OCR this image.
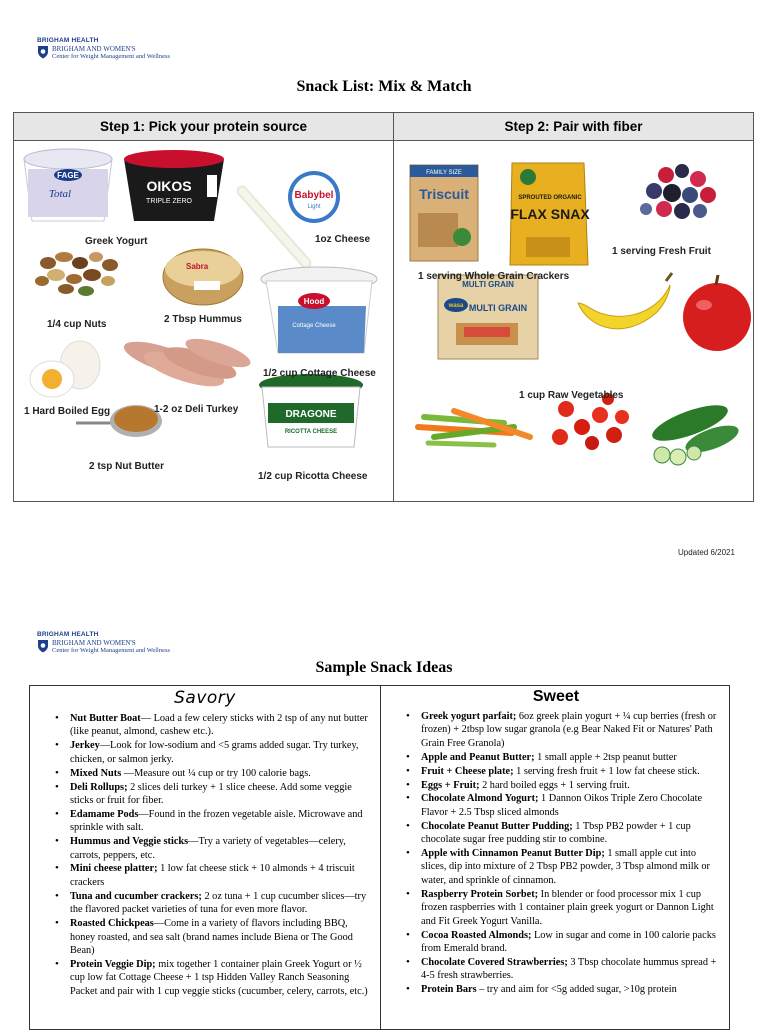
BRIGHAM HEALTH
BRIGHAM AND WOMEN'S
Center for Weight Management and Wellness
Snack List: Mix & Match
Step 1: Pick your protein source	Step 2: Pair with fiber
FAGE
Total	OIKOS
TRIPLE ZERO
Babybel
Light
Sabra
Hood
Cottage Cheese
DRAGONE
RICOTTA CHEESE
Greek Yogurt	1oz Cheese
1/4 cup Nuts	2 Tbsp Hummus
1/2 cup Cottage Cheese
1 Hard Boiled Egg	1-2 oz Deli Turkey
2 tsp Nut Butter
1/2 cup Ricotta Cheese
FAMILY SIZE
Triscuit	SPROUTED ORGANIC
FLAX SNAX
MULTI GRAIN
wasa MULTI GRAIN
1 serving Whole Grain Crackers
1 serving Fresh Fruit
1 cup Raw Vegetables
Updated 6/2021
BRIGHAM HEALTH
BRIGHAM AND WOMEN'S
Center for Weight Management and Wellness
Sample Snack Ideas
Savory
• Nut Butter Boat— Load a few celery sticks with 2 tsp of any nut butter (like peanut, almond, cashew etc.).
• Jerkey—Look for low-sodium and <5 grams added sugar. Try turkey, chicken, or salmon jerky.
• Mixed Nuts —Measure out ¼ cup or try 100 calorie bags.
• Deli Rollups; 2 slices deli turkey + 1 slice cheese. Add some veggie sticks or fruit for fiber.
• Edamame Pods—Found in the frozen vegetable aisle. Microwave and sprinkle with salt.
• Hummus and Veggie sticks—Try a variety of vegetables—celery, carrots, peppers, etc.
• Mini cheese platter; 1 low fat cheese stick + 10 almonds + 4 triscuit crackers
• Tuna and cucumber crackers; 2 oz tuna + 1 cup cucumber slices—try the flavored packet varieties of tuna for even more flavor.
• Roasted Chickpeas—Come in a variety of flavors including BBQ, honey roasted, and sea salt (brand names include Biena or The Good Bean)
• Protein Veggie Dip; mix together 1 container plain Greek Yogurt or ½ cup low fat Cottage Cheese + 1 tsp Hidden Valley Ranch Seasoning Packet and pair with 1 cup veggie sticks (cucumber, celery, carrots, etc.)
Sweet
• Greek yogurt parfait; 6oz greek plain yogurt + ¼ cup berries (fresh or frozen) + 2tbsp low sugar granola (e.g Bear Naked Fit or Natures' Path Grain Free Granola)
• Apple and Peanut Butter; 1 small apple + 2tsp peanut butter
• Fruit + Cheese plate; 1 serving fresh fruit + 1 low fat cheese stick.
• Eggs + Fruit; 2 hard boiled eggs + 1 serving fruit.
• Chocolate Almond Yogurt; 1 Dannon Oikos Triple Zero Chocolate Flavor + 2.5 Tbsp sliced almonds
• Chocolate Peanut Butter Pudding; 1 Tbsp PB2 powder + 1 cup chocolate sugar free pudding stir to combine.
• Apple with Cinnamon Peanut Butter Dip; 1 small apple cut into slices, dip into mixture of 2 Tbsp PB2 powder, 3 Tbsp almond milk or water, and sprinkle of cinnamon.
• Raspberry Protein Sorbet; In blender or food processor mix 1 cup frozen raspberries with 1 container plain greek yogurt or Dannon Light and Fit Greek Yogurt Vanilla.
• Cocoa Roasted Almonds; Low in sugar and come in 100 calorie packs from Emerald brand.
• Chocolate Covered Strawberries; 3 Tbsp chocolate hummus spread + 4-5 fresh strawberries.
• Protein Bars – try and aim for <5g added sugar, >10g protein
